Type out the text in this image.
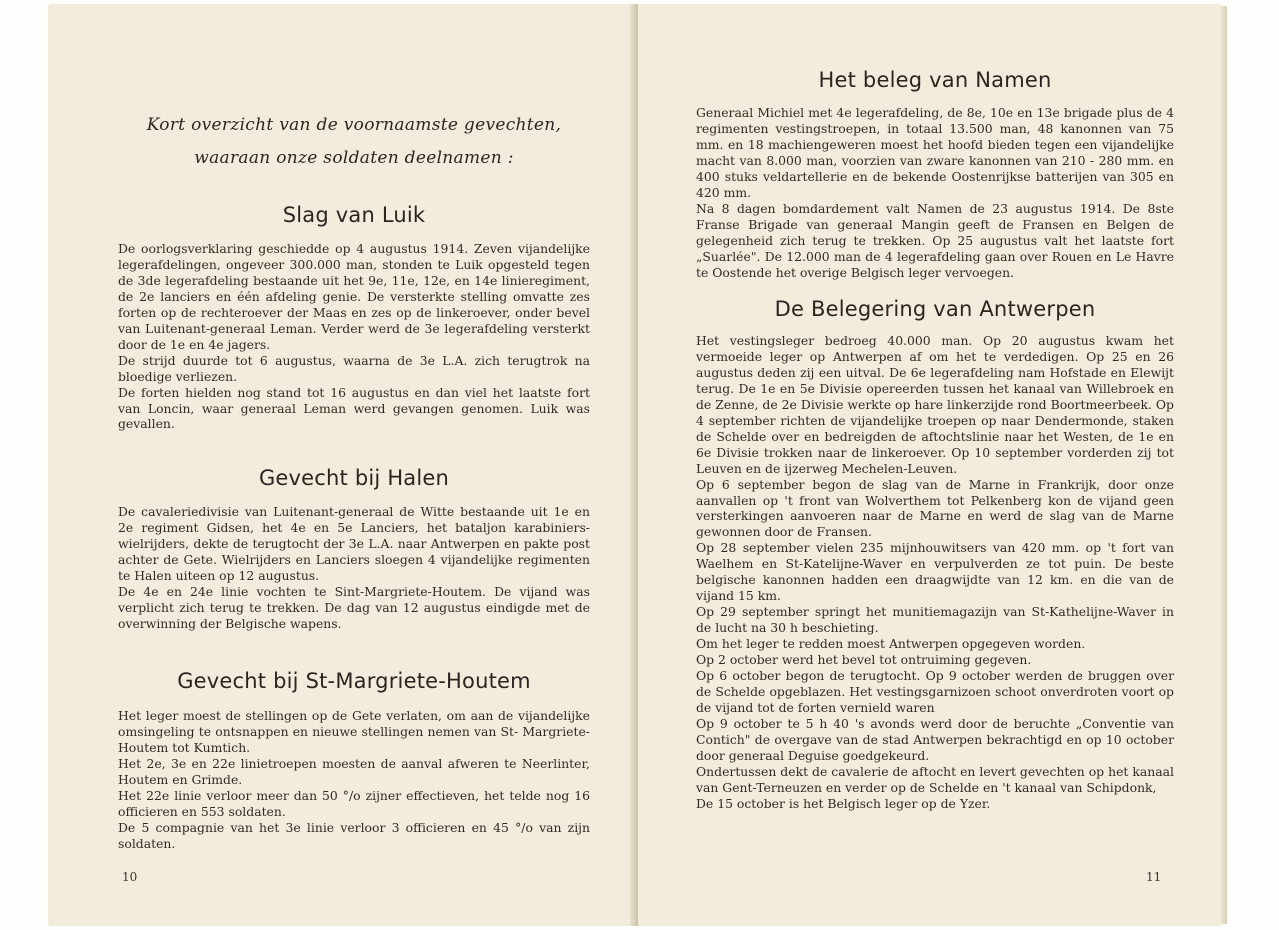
Kort overzicht van de voornaamste gevechten,
waaraan onze soldaten deelnamen :
Slag van Luik

De oorlogsverklaring geschiedde op 4 augustus 1914. Zeven vijandelijke legerafdelingen, ongeveer 300.000 man, stonden te Luik opgesteld tegen de 3de legerafdeling bestaande uit het 9e, 11e, 12e, en 14e linieregiment, de 2e lanciers en één afdeling genie. De versterkte stelling omvatte zes forten op de rechteroever der Maas en zes op de linkeroever, onder bevel van Luitenant-generaal Leman. Verder werd de 3e legerafdeling versterkt door de 1e en 4e jagers.

De strijd duurde tot 6 augustus, waarna de 3e L.A. zich terugtrok na bloedige verliezen.

De forten hielden nog stand tot 16 augustus en dan viel het laatste fort van Loncin, waar generaal Leman werd gevangen genomen. Luik was gevallen.

Gevecht bij Halen

De cavaleriedivisie van Luitenant-generaal de Witte bestaande uit 1e en 2e regiment Gidsen, het 4e en 5e Lanciers, het bataljon karabiniers-wielrijders, dekte de terugtocht der 3e L.A. naar Antwerpen en pakte post achter de Gete. Wielrijders en Lanciers sloegen 4 vijandelijke regimenten te Halen uiteen op 12 augustus.

De 4e en 24e linie vochten te Sint-Margriete-Houtem. De vijand was verplicht zich terug te trekken. De dag van 12 augustus eindigde met de overwinning der Belgische wapens.

Gevecht bij St-Margriete-Houtem

Het leger moest de stellingen op de Gete verlaten, om aan de vijandelijke omsingeling te ontsnappen en nieuwe stellingen nemen van St- Margriete-Houtem tot Kumtich.

Het 2e, 3e en 22e linietroepen moesten de aanval afweren te Neerlinter, Houtem en Grimde.

Het 22e linie verloor meer dan 50 °/o zijner effectieven, het telde nog 16 officieren en 553 soldaten.

De 5 compagnie van het 3e linie verloor 3 officieren en 45 °/o van zijn soldaten.

10
Het beleg van Namen

Generaal Michiel met 4e legerafdeling, de 8e, 10e en 13e brigade plus de 4 regimenten vestingstroepen, in totaal 13.500 man, 48 kanonnen van 75 mm. en 18 machiengeweren moest het hoofd bieden tegen een vijandelijke macht van 8.000 man, voorzien van zware kanonnen van 210 - 280 mm. en 400 stuks veldartellerie en de bekende Oostenrijkse batterijen van 305 en 420 mm.

Na 8 dagen bomdardement valt Namen de 23 augustus 1914. De 8ste Franse Brigade van generaal Mangin geeft de Fransen en Belgen de gelegenheid zich terug te trekken. Op 25 augustus valt het laatste fort „Suarlée". De 12.000 man de 4 legerafdeling gaan over Rouen en Le Havre te Oostende het overige Belgisch leger vervoegen.

De Belegering van Antwerpen

Het vestingsleger bedroeg 40.000 man. Op 20 augustus kwam het vermoeide leger op Antwerpen af om het te verdedigen. Op 25 en 26 augustus deden zij een uitval. De 6e legerafdeling nam Hofstade en Elewijt terug. De 1e en 5e Divisie opereerden tussen het kanaal van Willebroek en de Zenne, de 2e Divisie werkte op hare linkerzijde rond Boortmeerbeek. Op 4 september richten de vijandelijke troepen op naar Dendermonde, staken de Schelde over en bedreigden de aftochtslinie naar het Westen, de 1e en 6e Divisie trokken naar de linkeroever. Op 10 september vorderden zij tot Leuven en de ijzerweg Mechelen-Leuven.

Op 6 september begon de slag van de Marne in Frankrijk, door onze aanvallen op 't front van Wolverthem tot Pelkenberg kon de vijand geen versterkingen aanvoeren naar de Marne en werd de slag van de Marne gewonnen door de Fransen.

Op 28 september vielen 235 mijnhouwitsers van 420 mm. op 't fort van Waelhem en St-Katelijne-Waver en verpulverden ze tot puin. De beste belgische kanonnen hadden een draagwijdte van 12 km. en die van de vijand 15 km.

Op 29 september springt het munitiemagazijn van St-Kathelijne-Waver in de lucht na 30 h beschieting.

Om het leger te redden moest Antwerpen opgegeven worden.

Op 2 october werd het bevel tot ontruiming gegeven.

Op 6 october begon de terugtocht. Op 9 october werden de bruggen over de Schelde opgeblazen. Het vestingsgarnizoen schoot onverdroten voort op de vijand tot de forten vernield waren

Op 9 october te 5 h 40 's avonds werd door de beruchte „Conventie van Contich" de overgave van de stad Antwerpen bekrachtigd en op 10 october door generaal Deguise goedgekeurd.

Ondertussen dekt de cavalerie de aftocht en levert gevechten op het kanaal van Gent-Terneuzen en verder op de Schelde en 't kanaal van Schipdonk,

De 15 october is het Belgisch leger op de Yzer.

11
